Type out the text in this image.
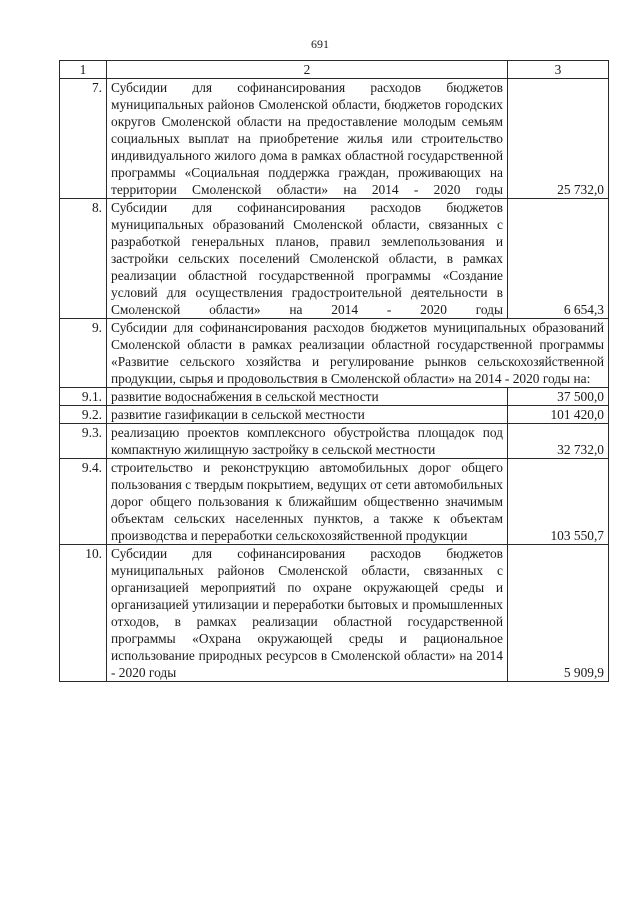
691
1	2	3
7.	Субсидии для софинансирования расходов бюджетов муниципальных районов Смоленской области, бюджетов городских округов Смоленской области на предоставление молодым семьям социальных выплат на приобретение жилья или строительство индивидуального жилого дома в рамках областной государственной программы «Социальная поддержка граждан, проживающих на территории Смоленской области» на 2014 - 2020 годы	25 732,0
8.	Субсидии для софинансирования расходов бюджетов муниципальных образований Смоленской области, связанных с разработкой генеральных планов, правил землепользования и застройки сельских поселений Смоленской области, в рамках реализации областной государственной программы «Создание условий для осуществления градостроительной деятельности в Смоленской области» на 2014 - 2020 годы	6 654,3
9.	Субсидии для софинансирования расходов бюджетов муниципальных образований Смоленской области в рамках реализации областной государственной программы «Развитие сельского хозяйства и регулирование рынков сельскохозяйственной продукции, сырья и продовольствия в Смоленской области» на 2014 - 2020 годы на:	
9.1.	развитие водоснабжения в сельской местности	37 500,0
9.2.	развитие газификации в сельской местности	101 420,0
9.3.	реализацию проектов комплексного обустройства площадок под компактную жилищную застройку в сельской местности	32 732,0
9.4.	строительство и реконструкцию автомобильных дорог общего пользования с твердым покрытием, ведущих от сети автомобильных дорог общего пользования к ближайшим общественно значимым объектам сельских населенных пунктов, а также к объектам производства и переработки сельскохозяйственной продукции	103 550,7
10.	Субсидии для софинансирования расходов бюджетов муниципальных районов Смоленской области, связанных с организацией мероприятий по охране окружающей среды и организацией утилизации и переработки бытовых и промышленных отходов, в рамках реализации областной государственной программы «Охрана окружающей среды и рациональное использование природных ресурсов в Смоленской области» на 2014 - 2020 годы	5 909,9
